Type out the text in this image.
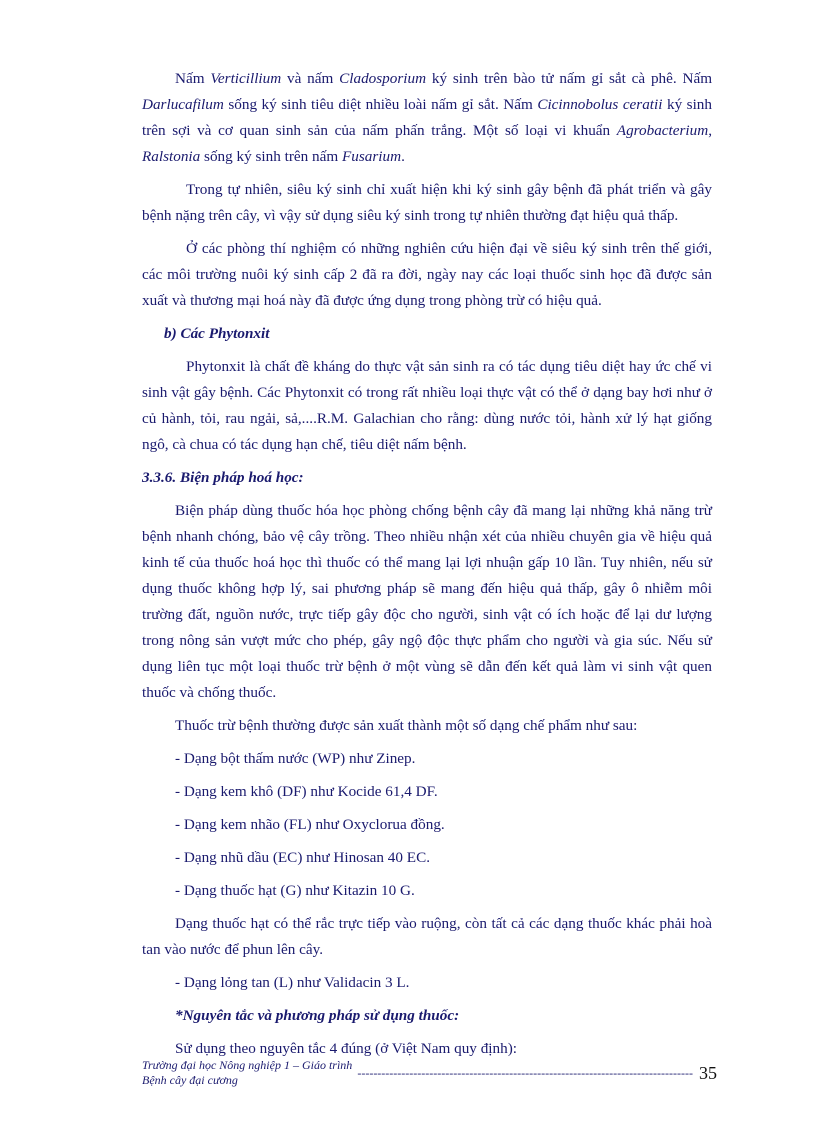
Nấm Verticillium và nấm Cladosporium ký sinh trên bào tử nấm gỉ sắt cà phê. Nấm Darlucafilum sống ký sinh tiêu diệt nhiều loài nấm gỉ sắt. Nấm Cicinnobolus ceratii ký sinh trên sợi và cơ quan sinh sản của nấm phấn trắng. Một số loại vi khuẩn Agrobacterium, Ralstonia sống ký sinh trên nấm Fusarium.

Trong tự nhiên, siêu ký sinh chỉ xuất hiện khi ký sinh gây bệnh đã phát triển và gây bệnh nặng trên cây, vì vậy sử dụng siêu ký sinh trong tự nhiên thường đạt hiệu quả thấp.

Ở các phòng thí nghiệm có những nghiên cứu hiện đại về siêu ký sinh trên thế giới, các môi trường nuôi ký sinh cấp 2 đã ra đời, ngày nay các loại thuốc sinh học đã được sản xuất và thương mại hoá này đã được ứng dụng trong phòng trừ có hiệu quả.

b) Các Phytonxit

Phytonxit là chất đề kháng do thực vật sản sinh ra có tác dụng tiêu diệt hay ức chế vi sinh vật gây bệnh. Các Phytonxit có trong rất nhiều loại thực vật có thể ở dạng bay hơi như ở củ hành, tỏi, rau ngải, sả,....R.M. Galachian cho rằng: dùng nước tỏi, hành xử lý hạt giống ngô, cà chua có tác dụng hạn chế, tiêu diệt nấm bệnh.

3.3.6. Biện pháp hoá học:

Biện pháp dùng thuốc hóa học phòng chống bệnh cây đã mang lại những khả năng trừ bệnh nhanh chóng, bảo vệ cây trồng. Theo nhiều nhận xét của nhiều chuyên gia về hiệu quả kinh tế của thuốc hoá học thì thuốc có thể mang lại lợi nhuận gấp 10 lần. Tuy nhiên, nếu sử dụng thuốc không hợp lý, sai phương pháp sẽ mang đến hiệu quả thấp, gây ô nhiễm môi trường đất, nguồn nước, trực tiếp gây độc cho người, sinh vật có ích hoặc để lại dư lượng trong nông sản vượt mức cho phép, gây ngộ độc thực phẩm cho người và gia súc. Nếu sử dụng liên tục một loại thuốc trừ bệnh ở một vùng sẽ dẫn đến kết quả làm vi sinh vật quen thuốc và chống thuốc.

Thuốc trừ bệnh thường được sản xuất thành một số dạng chế phẩm như sau:

- Dạng bột thấm nước (WP) như Zinep.

- Dạng kem khô (DF) như Kocide 61,4 DF.

- Dạng kem nhão (FL) như Oxyclorua đồng.

- Dạng nhũ dầu (EC) như Hinosan 40 EC.

- Dạng thuốc hạt (G) như Kitazin 10 G.

Dạng thuốc hạt có thể rắc trực tiếp vào ruộng, còn tất cả các dạng thuốc khác phải hoà tan vào nước để phun lên cây.

- Dạng lỏng tan (L) như Validacin 3 L.

*Nguyên tắc và phương pháp sử dụng thuốc:

Sử dụng theo nguyên tắc 4 đúng (ở Việt Nam quy định):

Trường đại học Nông nghiệp 1 – Giáo trình Bệnh cây đại cương
------------------------------------------------------------------------------------ 35
